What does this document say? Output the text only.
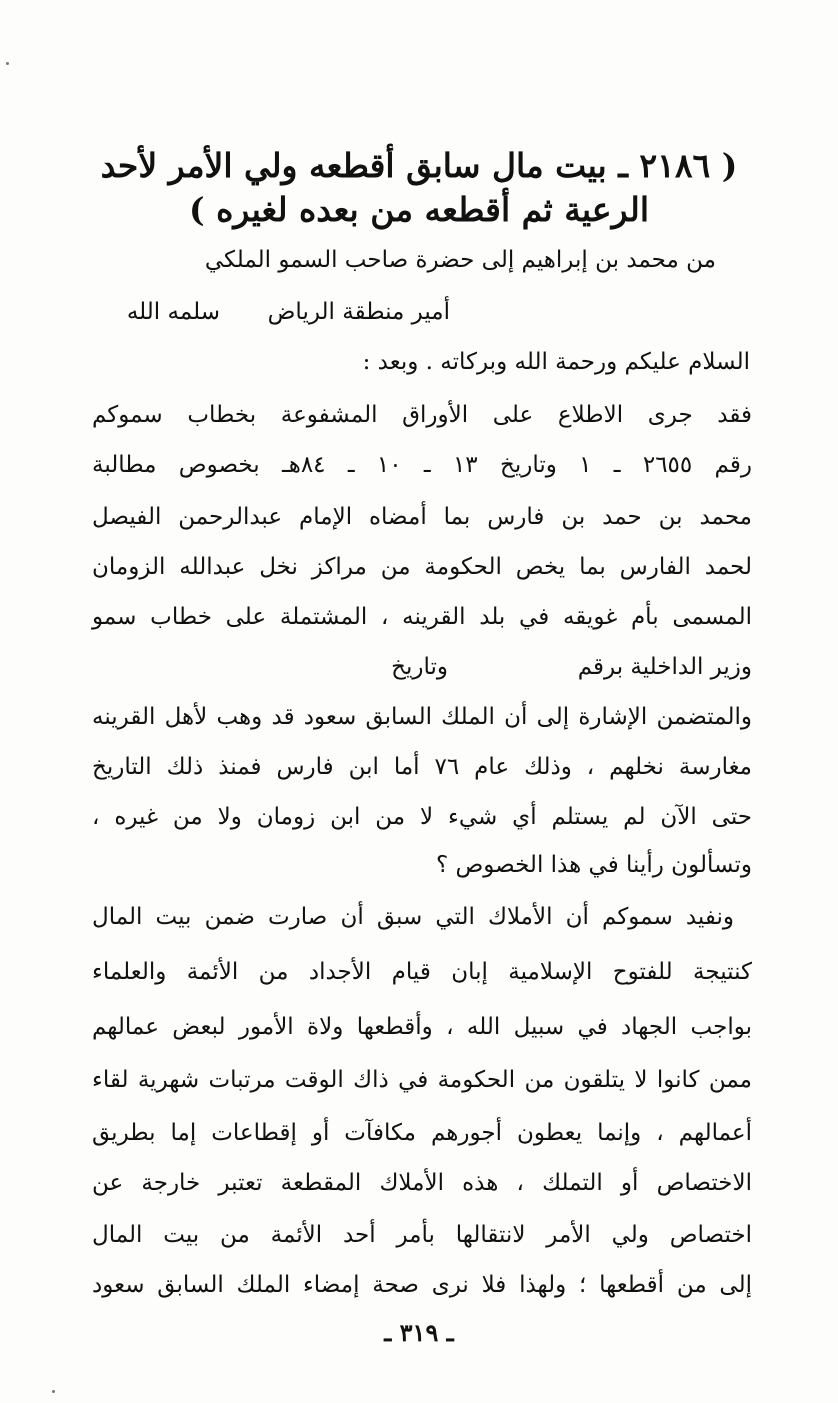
( ٢١٨٦ ـ بيت مال سابق أقطعه ولي الأمر لأحد

الرعية ثم أقطعه من بعده لغيره )

من محمد بن إبراهيم إلى حضرة صاحب السمو الملكي

أمير منطقة الرياض

سلمه الله

السلام عليكم ورحمة الله وبركاته . وبعد :

فقد جرى الاطلاع على الأوراق المشفوعة بخطاب سموكم

رقم ٢٦٥٥ ـ ١ وتاريخ ١٣ ـ ١٠ ـ ٨٤هـ بخصوص مطالبة

محمد بن حمد بن فارس بما أمضاه الإمام عبدالرحمن الفيصل

لحمد الفارس بما يخص الحكومة من مراكز نخل عبدالله الزومان

المسمى بأم غويقه في بلد القرينه ، المشتملة على خطاب سمو

وزير الداخلية برقم

وتاريخ

والمتضمن الإشارة إلى أن الملك السابق سعود قد وهب لأهل القرينه

مغارسة نخلهم ، وذلك عام ٧٦ أما ابن فارس فمنذ ذلك التاريخ

حتى الآن لم يستلم أي شيء لا من ابن زومان ولا من غيره ،

وتسألون رأينا في هذا الخصوص ؟

ونفيد سموكم أن الأملاك التي سبق أن صارت ضمن بيت المال

كنتيجة للفتوح الإسلامية إبان قيام الأجداد من الأئمة والعلماء

بواجب الجهاد في سبيل الله ، وأقطعها ولاة الأمور لبعض عمالهم

ممن كانوا لا يتلقون من الحكومة في ذاك الوقت مرتبات شهرية لقاء

أعمالهم ، وإنما يعطون أجورهم مكافآت أو إقطاعات إما بطريق

الاختصاص أو التملك ، هذه الأملاك المقطعة تعتبر خارجة عن

اختصاص ولي الأمر لانتقالها بأمر أحد الأئمة من بيت المال

إلى من أقطعها ؛ ولهذا فلا نرى صحة إمضاء الملك السابق سعود

ـ ٣١٩ ـ
